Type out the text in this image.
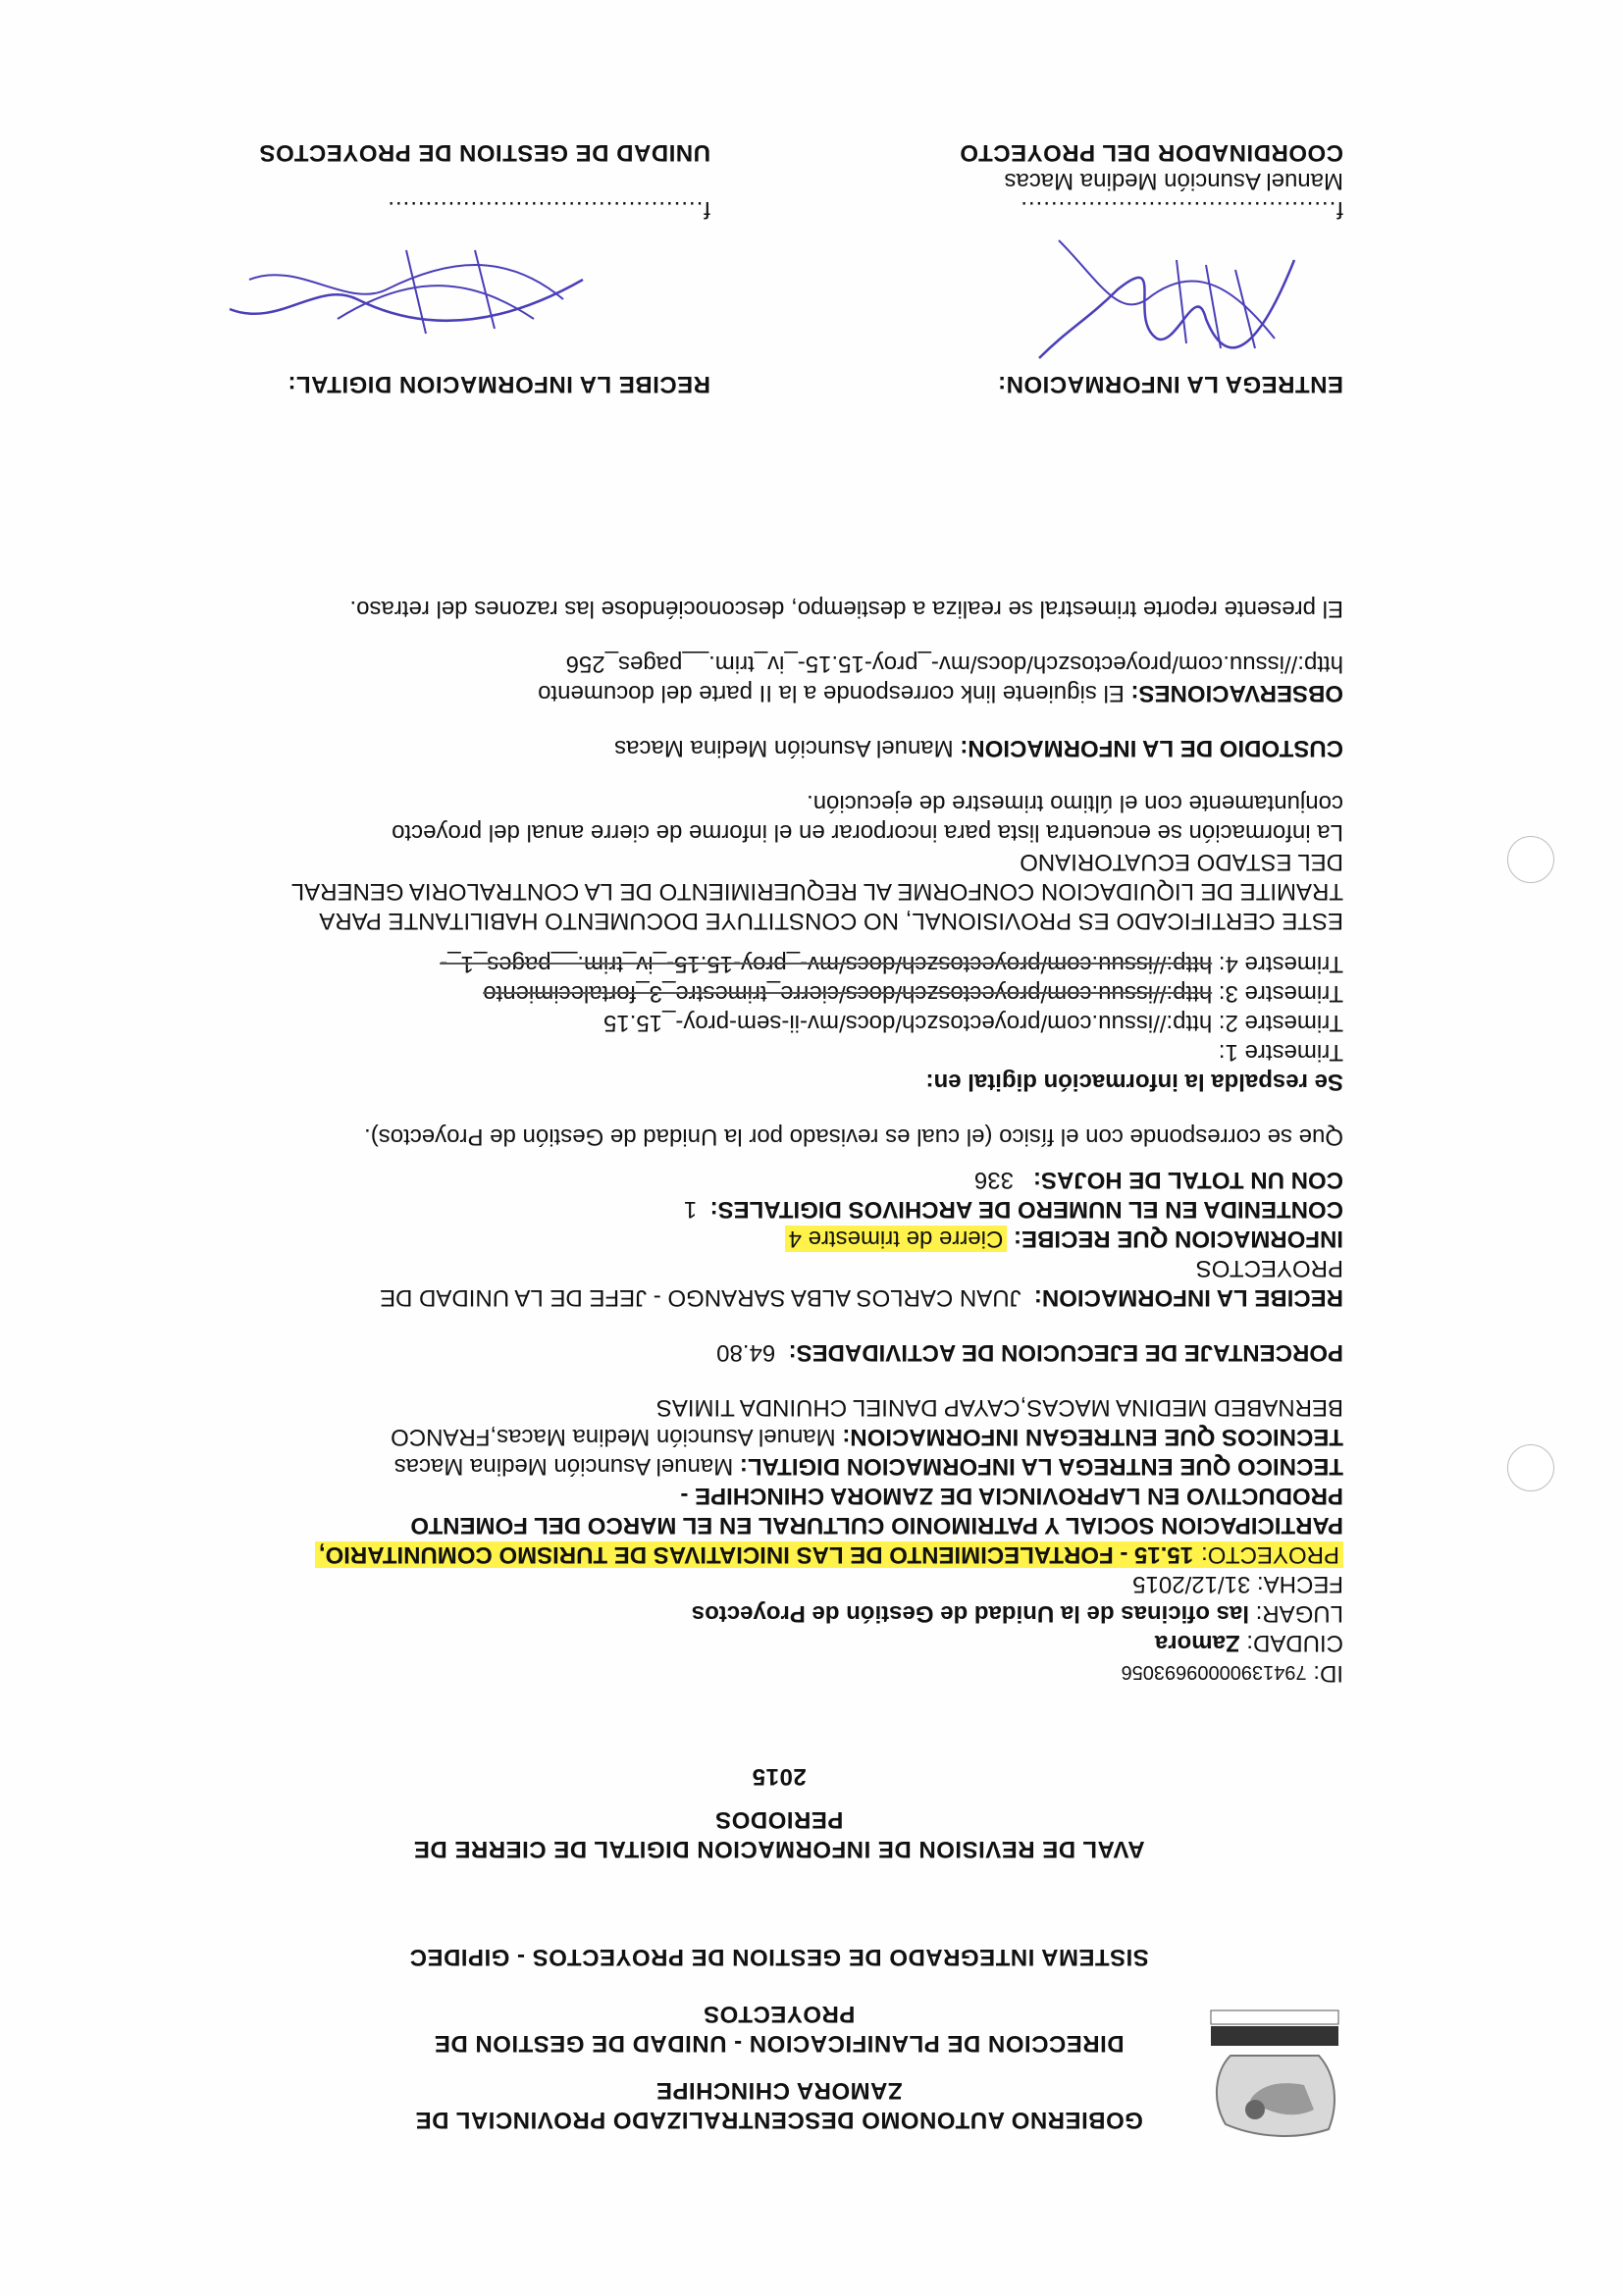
GOBIERNO AUTONOMO DESCENTRALIZADO PROVINCIAL DE
ZAMORA CHINCHIPE
DIRECCION DE PLANIFICACION - UNIDAD DE GESTION DE
PROYECTOS
SISTEMA INTEGRADO DE GESTION DE PROYECTOS - GIPIDEC
AVAL DE REVISION DE INFORMACION DIGITAL DE CIERRE DE PERIODOS
2015
ID: 79413900009693056
CIUDAD: Zamora
LUGAR: las oficinas de la Unidad de Gestión de Proyectos
FECHA: 31/12/2015
PROYECTO:15.15 - FORTALECIMIENTO DE LAS INICIATIVAS DE TURISMO COMUNITARIO,
PARTICIPACION SOCIAL Y PATRIMONIO CULTURAL EN EL MARCO DEL FOMENTO
PRODUCTIVO EN LAPROVINCIA DE ZAMORA CHINCHIPE -
TECNICO QUE ENTREGA LA INFORMACION DIGITAL: Manuel Asunción Medina Macas
TECNICOS QUE ENTREGAN INFORMACION: Manuel Asunción Medina Macas,FRANCO
BERNABED MEDINA MACAS,CAYAP DANIEL CHUINDA TIMIAS
PORCENTAJE DE EJECUCION DE ACTIVIDADES:  64.80
RECIBE LA INFORMACION:  JUAN CARLOS ALBA SARANGO - JEFE DE LA UNIDAD DE
PROYECTOS
INFORMACION QUE RECIBE: Cierre de trimestre 4
CONTENIDA EN EL NUMERO DE ARCHIVOS DIGITALES:  1
CON UN TOTAL DE HOJAS:   336
Que se corresponde con el físico (el cual es revisado por la Unidad de Gestión de Proyectos).
Se respalda la información digital en:
Trimestre 1:
Trimestre 2: http://issuu.com/proyectoszch/docs/mv-ii-sem-proy-_15.15
Trimestre 3: http://issuu.com/proyectoszch/docs/cierre_trimestre_3_fortalecimiento
Trimestre 4: http://issuu.com/proyectoszch/docs/mv-_proy-15.15-_iv_trim.__pages_1_-
ESTE CERTIFICADO ES PROVISIONAL, NO CONSTITUYE DOCUMENTO HABILITANTE PARA
TRAMITE DE LIQUIDACION CONFORME AL REQUERIMIENTO DE LA CONTRALORIA GENERAL
DEL ESTADO ECUATORIANO
La información se encuentra lista para incorporar en el informe de cierre anual del proyecto
conjuntamente con el último trimestre de ejecución.
CUSTODIO DE LA INFORMACION: Manuel Asunción Medina Macas
OBSERVACIONES: El siguiente link corresponde a la II parte del documento
http://issuu.com/proyectoszch/docs/mv-_proy-15.15-_iv_trim.__pages_256
El presente reporte trimestral se realiza a destiempo, desconociéndose las razones del retraso.
ENTREGA LA INFORMACION:
f..........................................
Manuel Asunción Medina Macas
COORDINADOR DEL PROYECTO
RECIBE LA INFORMACION DIGITAL:
f..........................................
UNIDAD DE GESTION DE PROYECTOS
